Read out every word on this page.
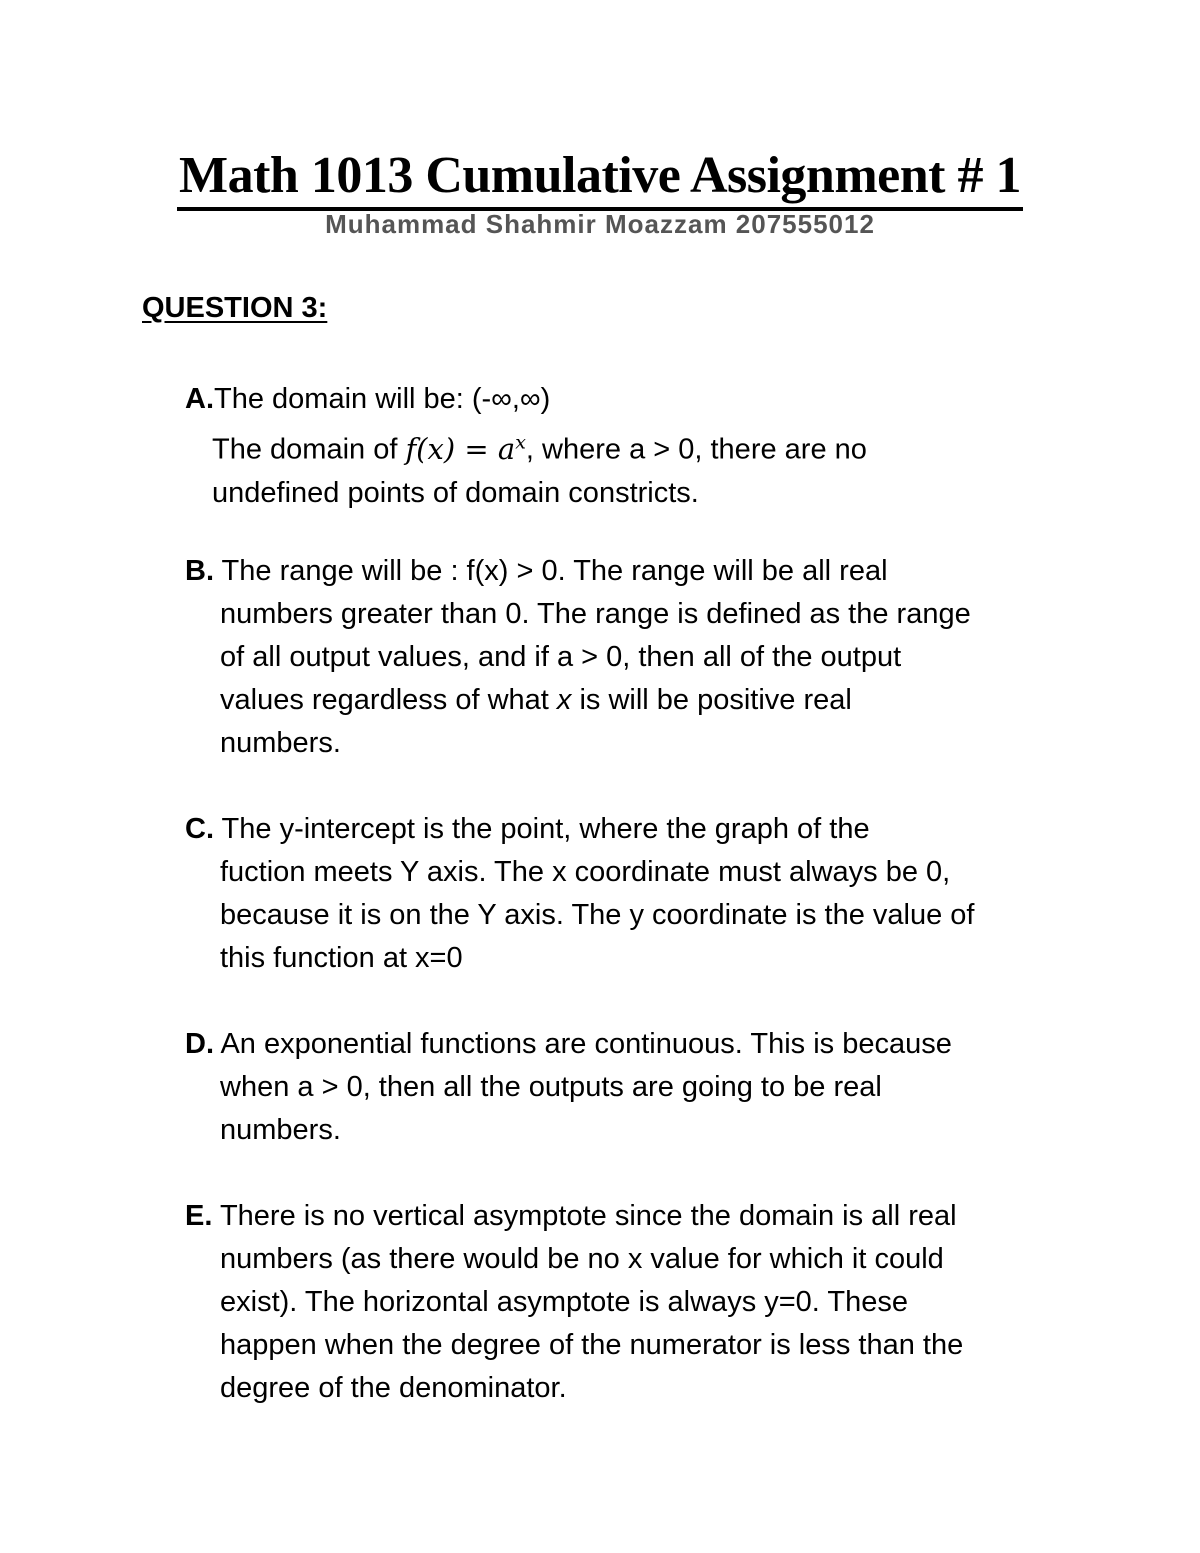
Math 1013 Cumulative Assignment # 1
Muhammad Shahmir Moazzam 207555012
QUESTION 3:
A.The domain will be: (-∞,∞)
The domain of $f(x) = a^x$, where a > 0, there are no
undefined points of domain constricts.
B. The range will be : f(x) > 0. The range will be all real
numbers greater than 0. The range is defined as the range
of all output values, and if a > 0, then all of the output
values regardless of what x is will be positive real
numbers.
C. The y-intercept is the point, where the graph of the
fuction meets Y axis. The x coordinate must always be 0,
because it is on the Y axis. The y coordinate is the value of
this function at x=0
D. An exponential functions are continuous. This is because
when a > 0, then all the outputs are going to be real
numbers.
E. There is no vertical asymptote since the domain is all real
numbers (as there would be no x value for which it could
exist). The horizontal asymptote is always y=0. These
happen when the degree of the numerator is less than the
degree of the denominator.
